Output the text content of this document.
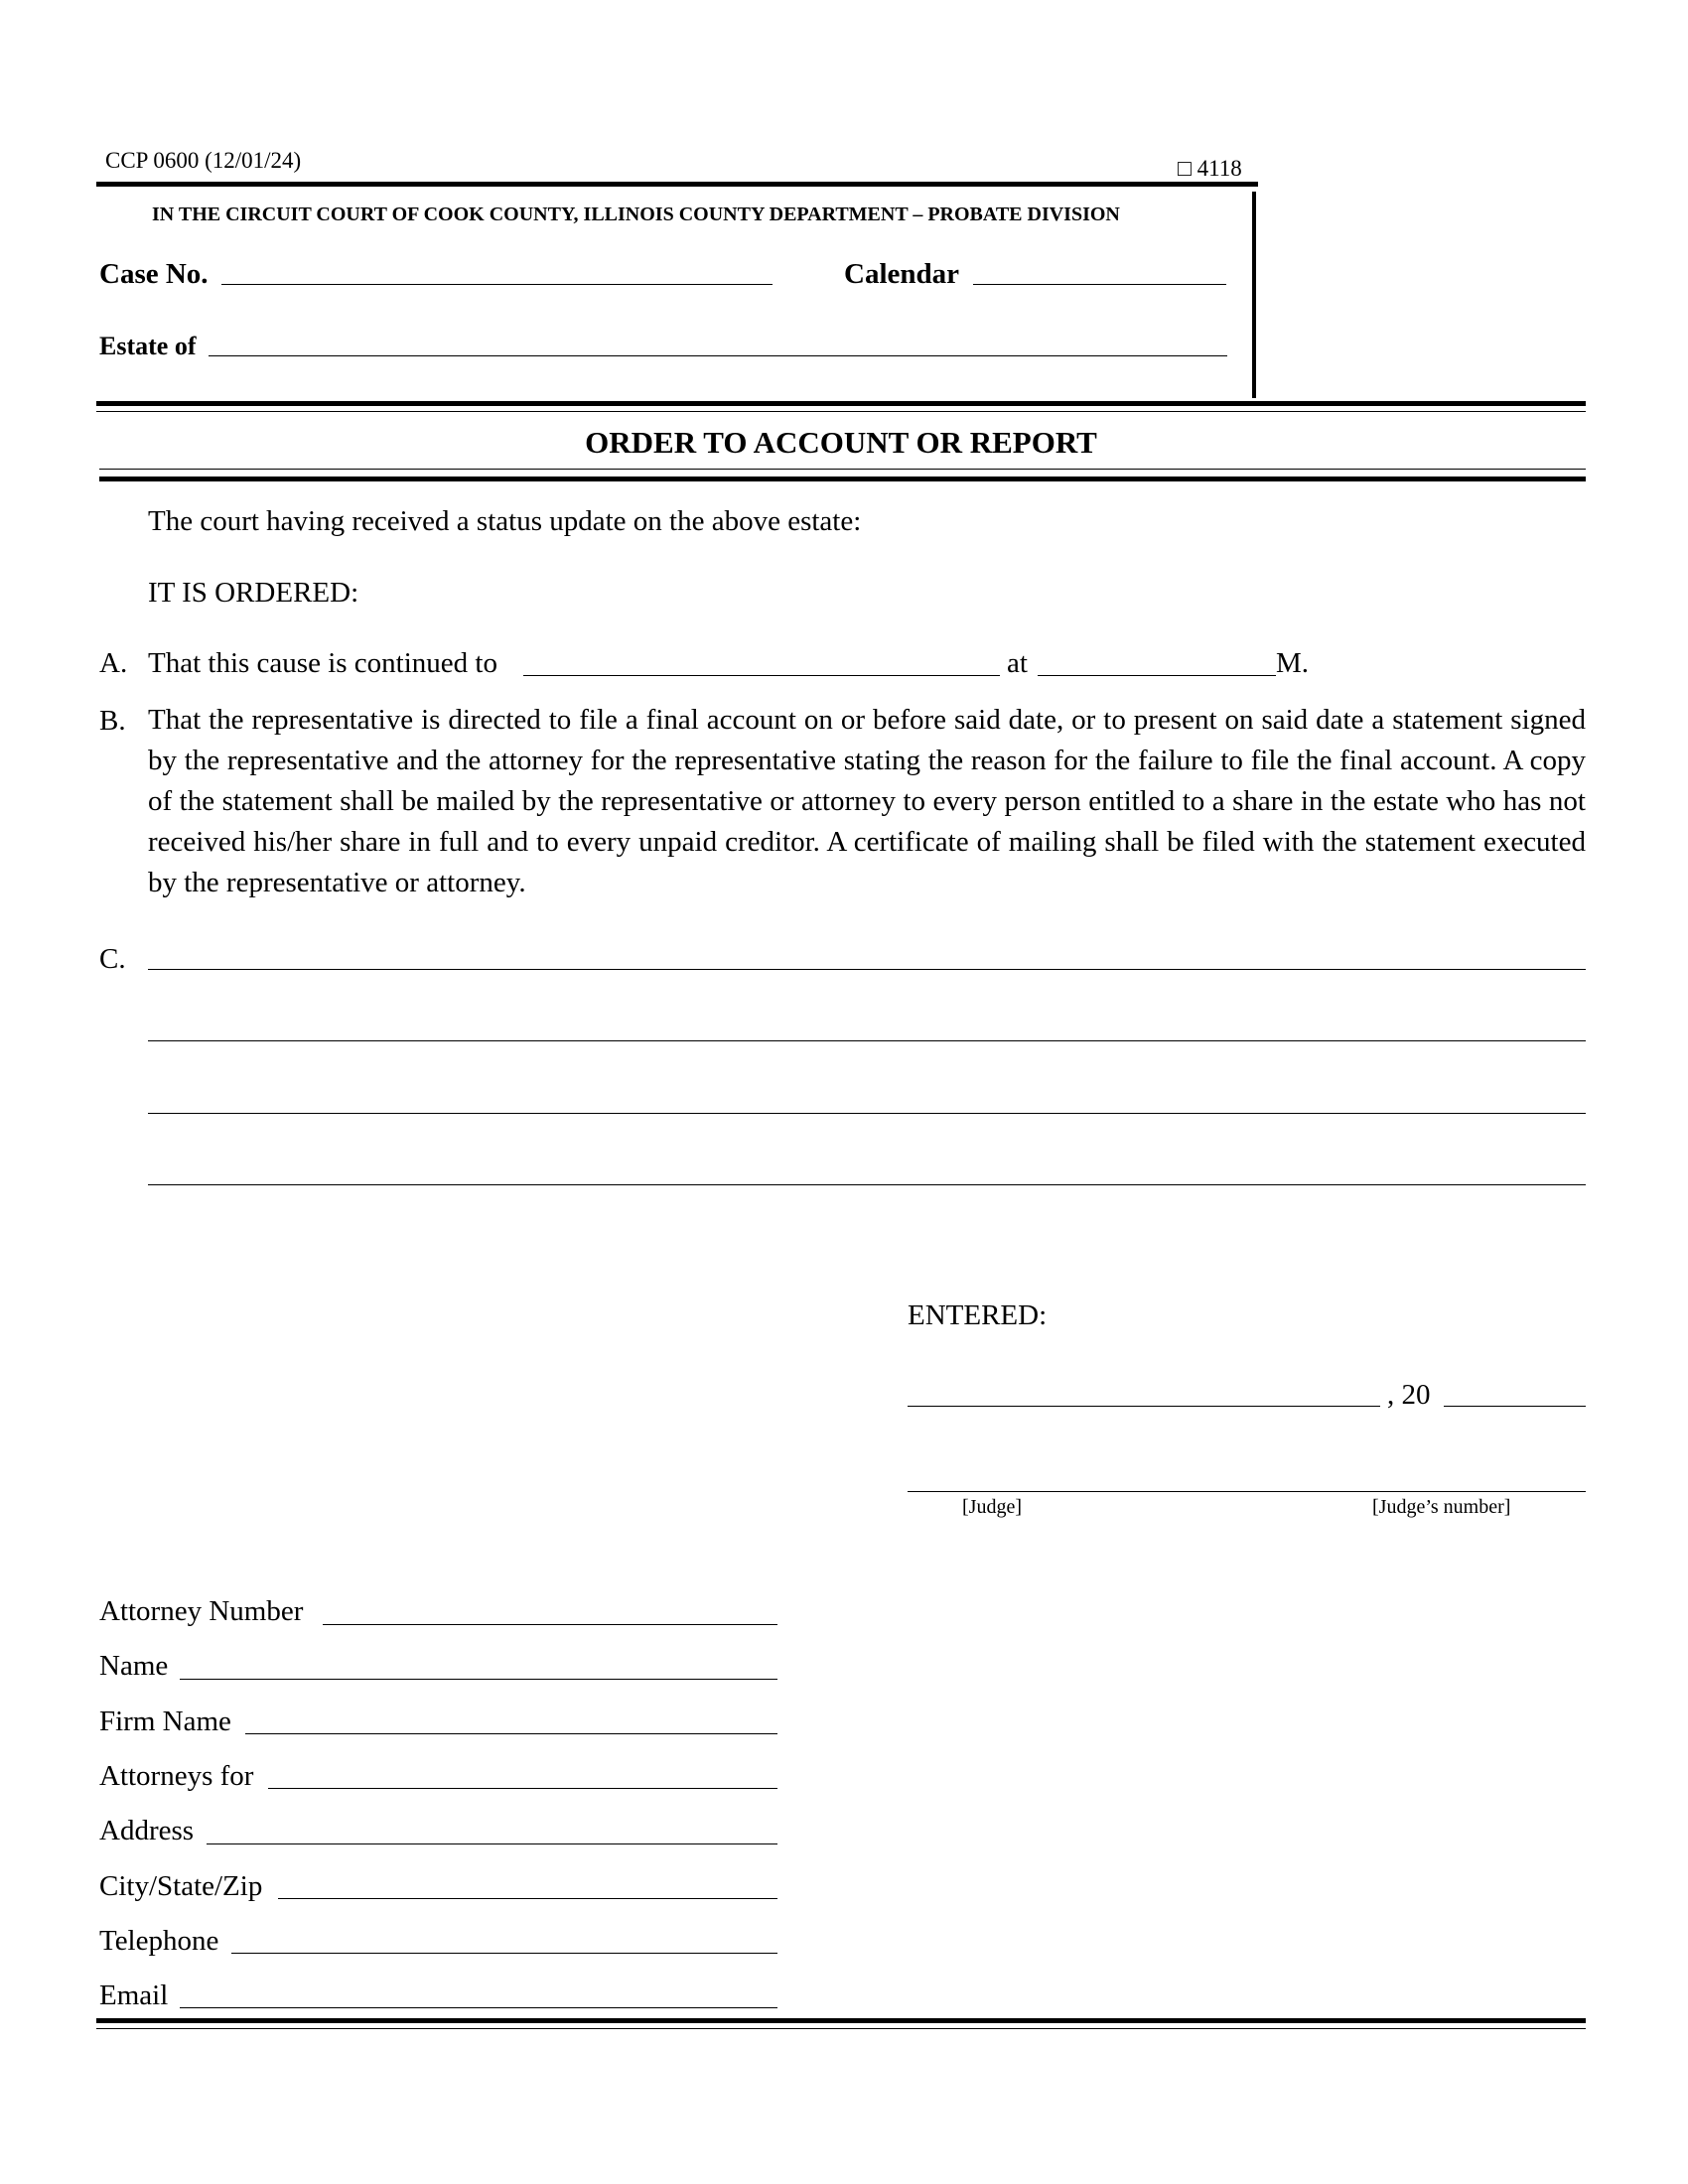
CCP 0600 (12/01/24)	□ 4118
IN THE CIRCUIT COURT OF COOK COUNTY, ILLINOIS COUNTY DEPARTMENT – PROBATE DIVISION
Case No.	Calendar
Estate of
ORDER TO ACCOUNT OR REPORT
The court having received a status update on the above estate:
IT IS ORDERED:
A. That this cause is continued to	at	M.
B. That the representative is directed to file a final account on or before said date, or to present on said date a statement signed by the representative and the attorney for the representative stating the reason for the failure to file the final account. A copy of the statement shall be mailed by the representative or attorney to every person entitled to a share in the estate who has not received his/her share in full and to every unpaid creditor. A certificate of mailing shall be filed with the statement executed by the representative or attorney.
C.
ENTERED:
, 20
[Judge]	[Judge’s number]
Attorney Number
Name
Firm Name
Attorneys for
Address
City/State/Zip
Telephone
Email
